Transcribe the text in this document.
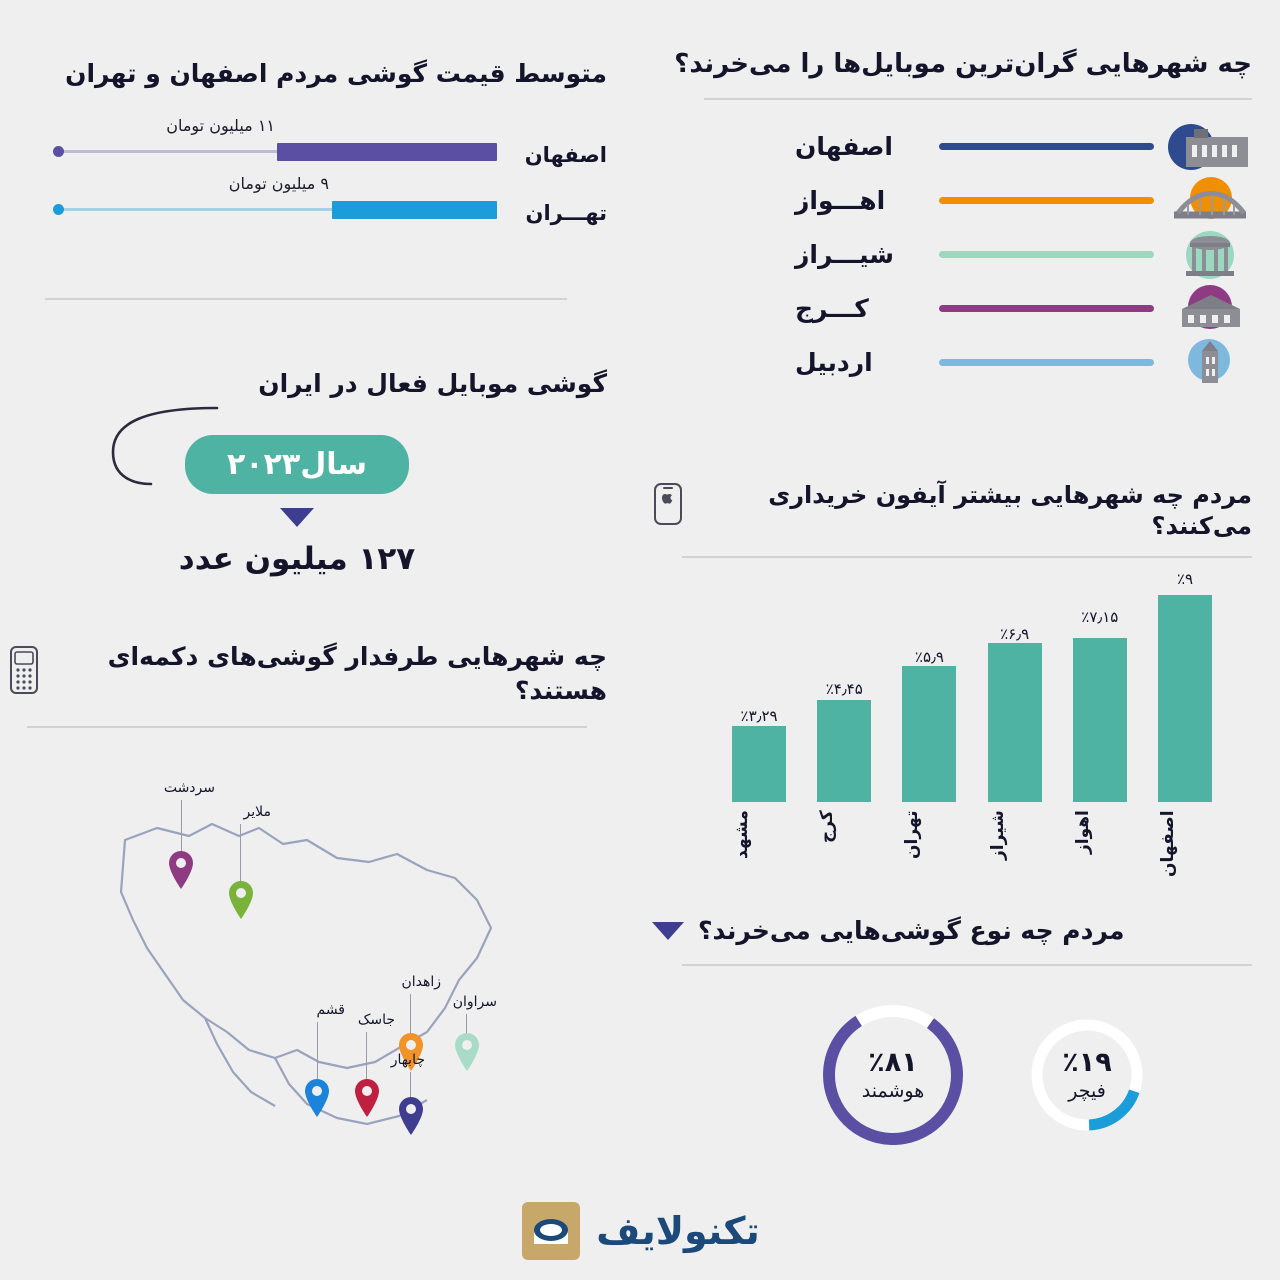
متوسط قیمت گوشی مردم اصفهان و تهران
اصفهان
۱۱ میلیون تومان
تهـــران
۹ میلیون تومان
گوشی موبایل فعال در ایران
سال۲۰۲۳
۱۲۷ میلیون عدد
چه شهرهایی طرفدار گوشی‌های دکمه‌ای هستند؟
سردشت
ملایر
قشم
زاهدان
جاسک
چابهار
سراوان
چه شهرهایی گران‌ترین موبایل‌ها را می‌خرند؟
اصفهان
اهـــواز
شیـــراز
کـــرج
اردبیل
مردم چه شهرهایی بیشتر آیفون خریداری می‌کنند؟
٪۹
٪۷٫۱۵
٪۶٫۹
٪۵٫۹
٪۴٫۴۵
٪۳٫۲۹
اصفهان
اهواز
شیراز
تهران
کرج
مشهد
مردم چه نوع گوشی‌هایی می‌خرند؟
٪۱۹
فیچر
٪۸۱
هوشمند
تکنولایف
